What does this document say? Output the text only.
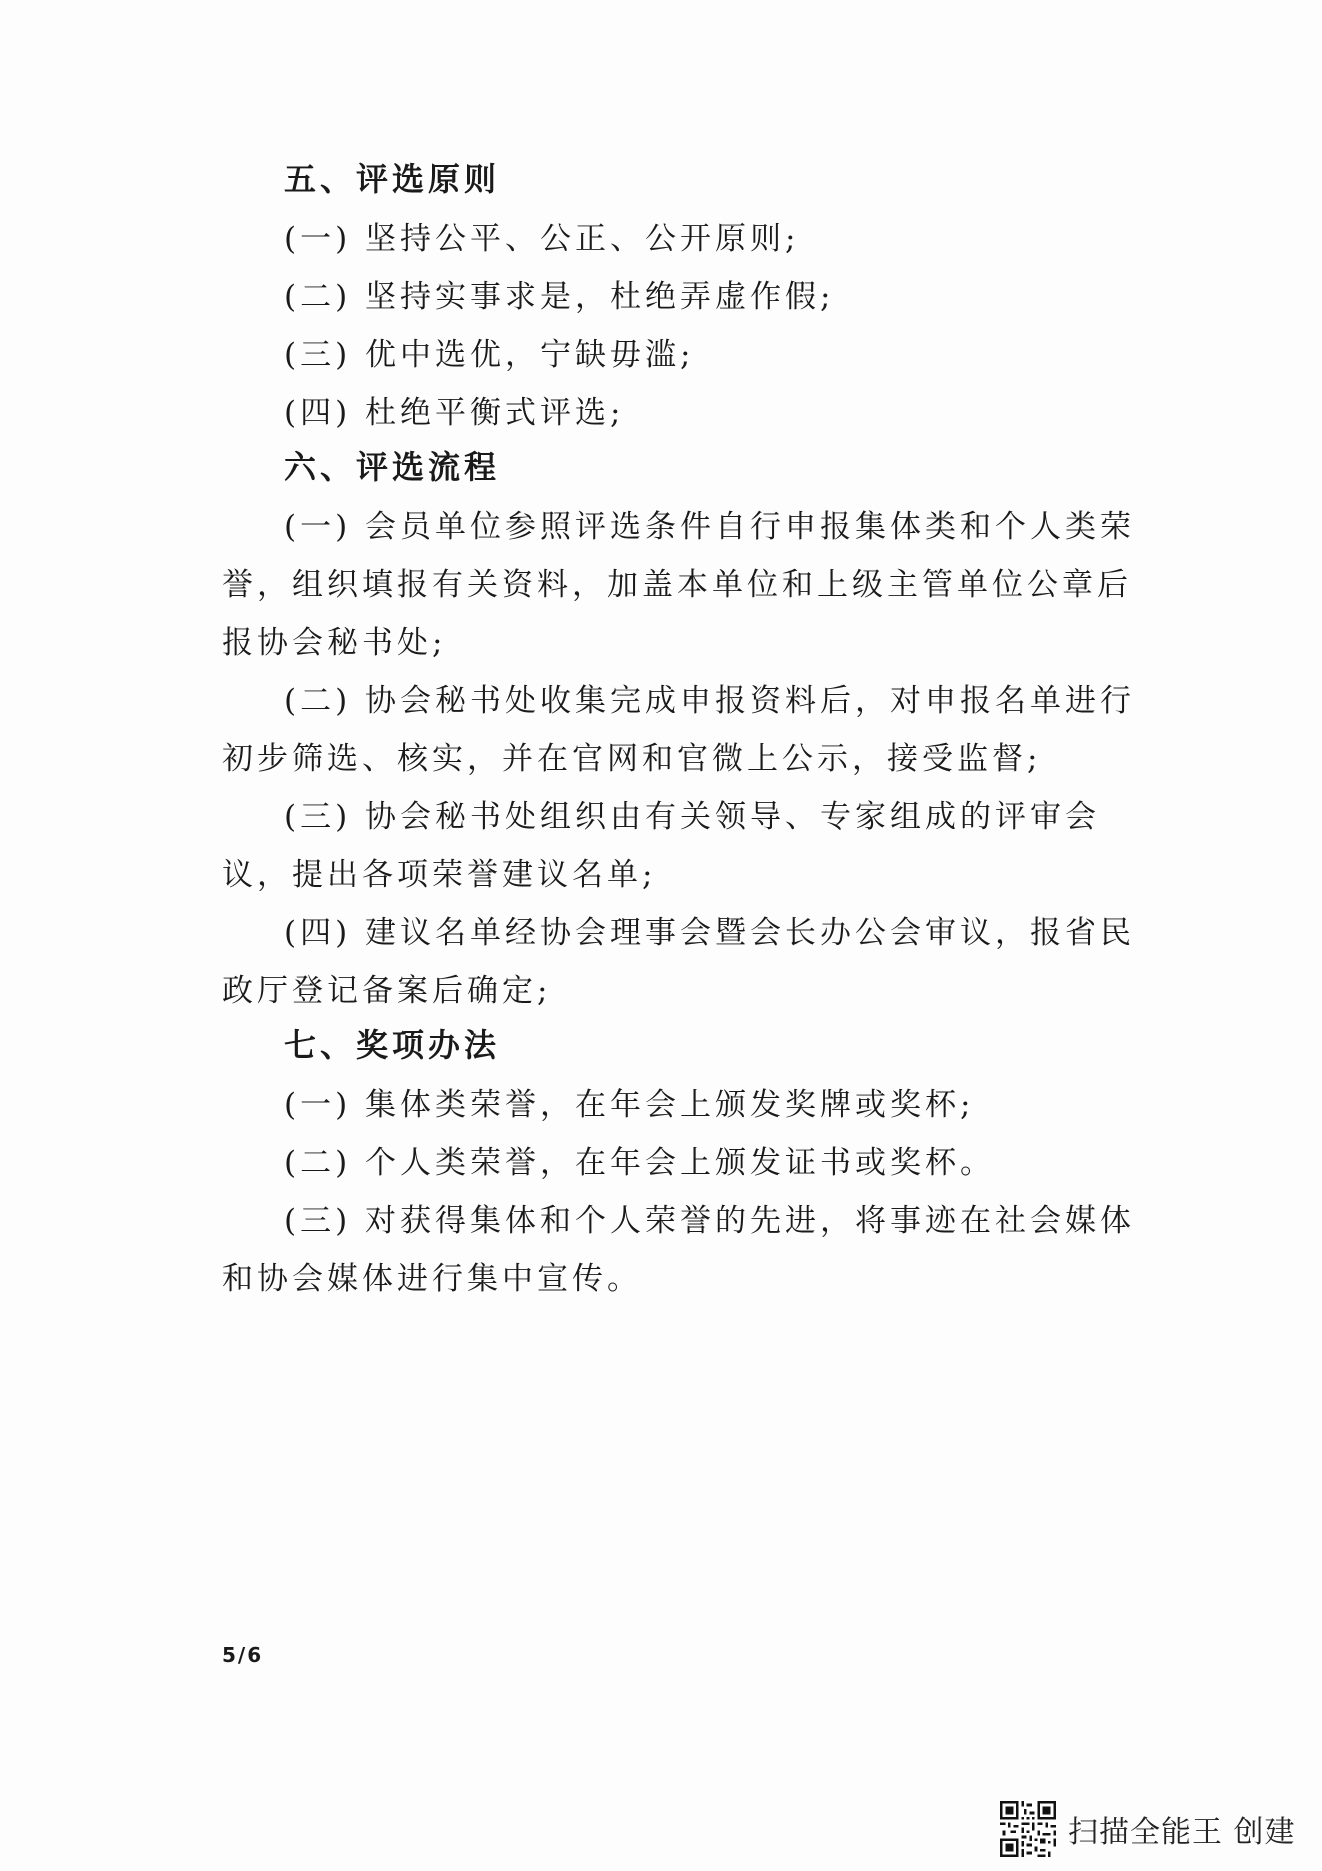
五、评选原则

(一) 坚持公平、公正、公开原则;

(二) 坚持实事求是，杜绝弄虚作假;

(三) 优中选优，宁缺毋滥;

(四) 杜绝平衡式评选;

六、评选流程

(一) 会员单位参照评选条件自行申报集体类和个人类荣誉，组织填报有关资料，加盖本单位和上级主管单位公章后报协会秘书处;

(二) 协会秘书处收集完成申报资料后，对申报名单进行初步筛选、核实，并在官网和官微上公示，接受监督;

(三) 协会秘书处组织由有关领导、专家组成的评审会议，提出各项荣誉建议名单;

(四) 建议名单经协会理事会暨会长办公会审议，报省民政厅登记备案后确定;

七、奖项办法

(一) 集体类荣誉，在年会上颁发奖牌或奖杯;

(二) 个人类荣誉，在年会上颁发证书或奖杯。

(三) 对获得集体和个人荣誉的先进，将事迹在社会媒体和协会媒体进行集中宣传。

5/6
扫描全能王 创建
